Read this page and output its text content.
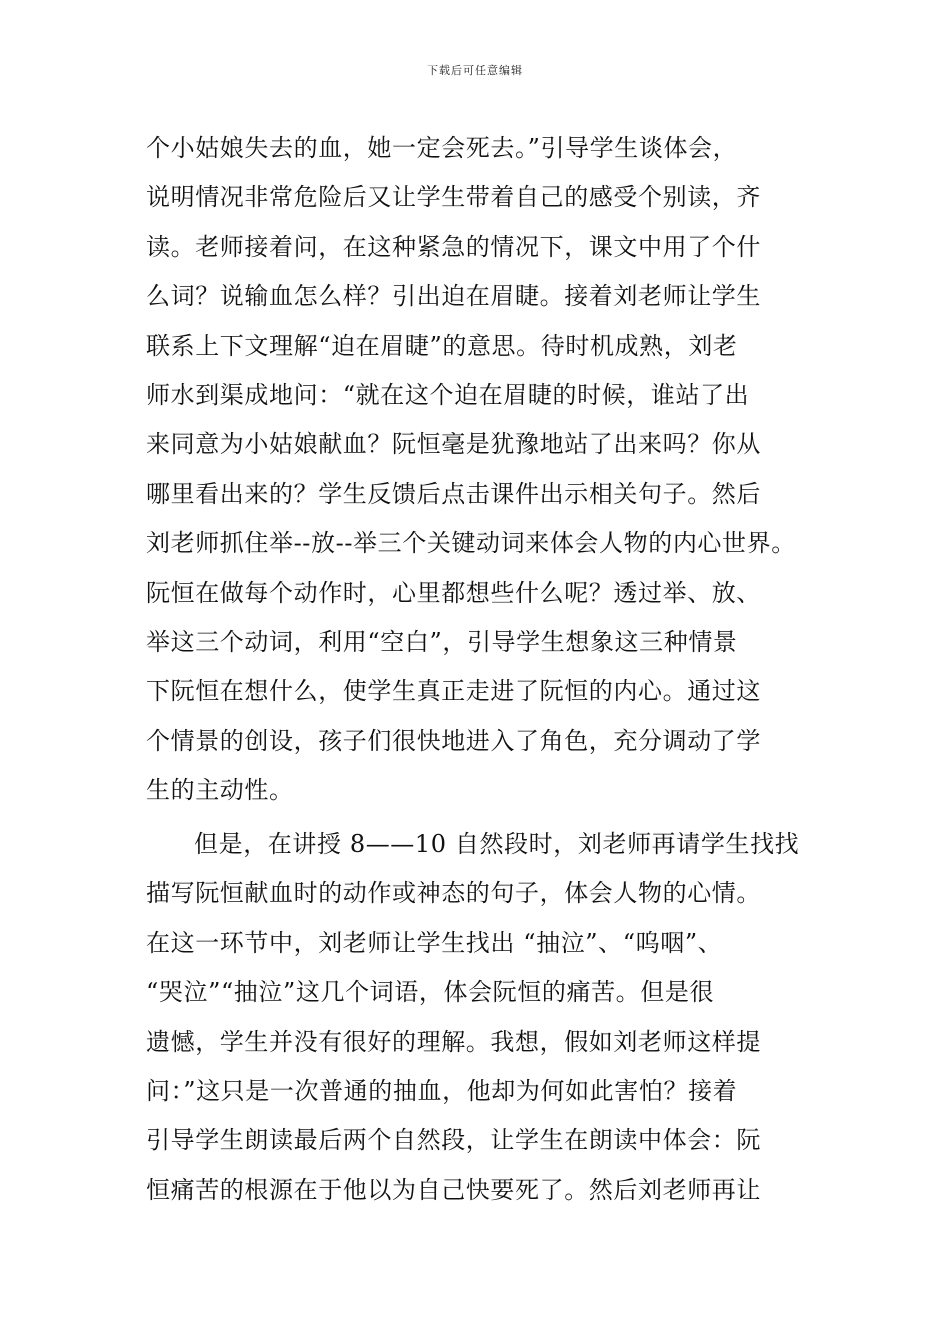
下载后可任意编辑
个小姑娘失去的血，她一定会死去。”引导学生谈体会，
说明情况非常危险后又让学生带着自己的感受个别读，齐
读。老师接着问，在这种紧急的情况下，课文中用了个什
么词？说输血怎么样？引出迫在眉睫。接着刘老师让学生
联系上下文理解“迫在眉睫”的意思。待时机成熟，刘老
师水到渠成地问：“就在这个迫在眉睫的时候，谁站了出
来同意为小姑娘献血？阮恒毫是犹豫地站了出来吗？你从
哪里看出来的？学生反馈后点击课件出示相关句子。然后
刘老师抓住举--放--举三个关键动词来体会人物的内心世界。
阮恒在做每个动作时，心里都想些什么呢？透过举、放、
举这三个动词，利用“空白”，引导学生想象这三种情景
下阮恒在想什么，使学生真正走进了阮恒的内心。通过这
个情景的创设，孩子们很快地进入了角色，充分调动了学
生的主动性。
但是，在讲授 8——10 自然段时，刘老师再请学生找找
描写阮恒献血时的动作或神态的句子，体会人物的心情。
在这一环节中，刘老师让学生找出 “抽泣”、“呜咽”、
“哭泣”“抽泣”这几个词语，体会阮恒的痛苦。但是很
遗憾，学生并没有很好的理解。我想，假如刘老师这样提
问：”这只是一次普通的抽血，他却为何如此害怕？接着
引导学生朗读最后两个自然段，让学生在朗读中体会：阮
恒痛苦的根源在于他以为自己快要死了。然后刘老师再让
